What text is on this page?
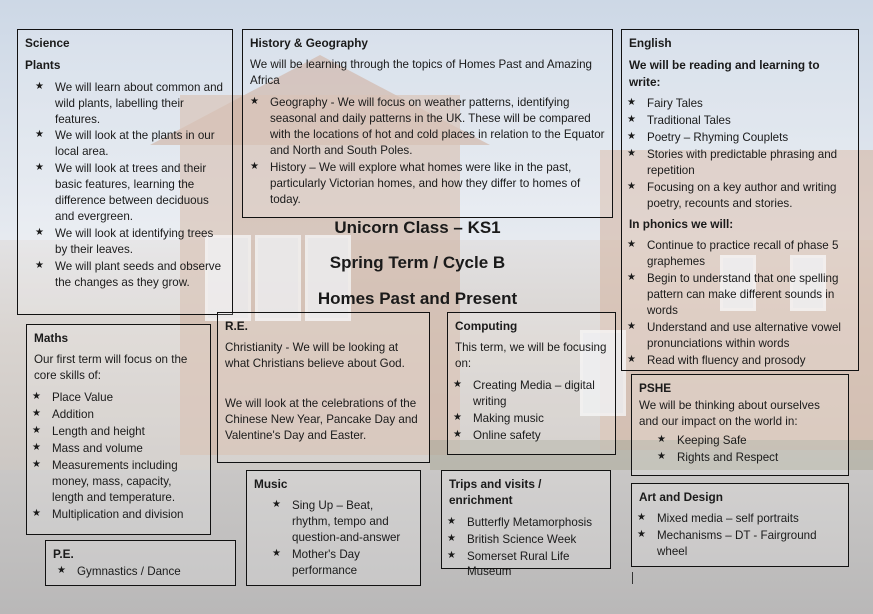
Science
Plants
★ We will learn about common and wild plants, labelling their features.
★ We will look at the plants in our local area.
★ We will look at trees and their basic features, learning the difference between deciduous and evergreen.
★ We will look at identifying trees by their leaves.
★ We will plant seeds and observe the changes as they grow.
History & Geography

We will be learning through the topics of Homes Past and Amazing Africa

★ Geography - We will focus on weather patterns, identifying seasonal and daily patterns in the UK. These will be compared with the locations of hot and cold places in relation to the Equator and North and South Poles.
★ History – We will explore what homes were like in the past, particularly Victorian homes, and how they differ to homes of today.
English
We will be reading and learning to write:
★ Fairy Tales
★ Traditional Tales
★ Poetry – Rhyming Couplets
★ Stories with predictable phrasing and repetition
★ Focusing on a key author and writing poetry, recounts and stories.
In phonics we will:
★ Continue to practice recall of phase 5 graphemes
★ Begin to understand that one spelling pattern can make different sounds in words
★ Understand and use alternative vowel pronunciations within words
★ Read with fluency and prosody
Unicorn Class – KS1
Spring Term / Cycle B
Homes Past and Present
Maths

Our first term will focus on the core skills of:

★ Place Value
★ Addition
★ Length and height
★ Mass and volume
★ Measurements including money, mass, capacity, length and temperature.
★ Multiplication and division
R.E.

Christianity - We will be looking at what Christians believe about God.

We will look at the celebrations of the Chinese New Year, Pancake Day and Valentine's Day and Easter.

Computing

This term, we will be focusing on:

★ Creating Media – digital writing
★ Making music
★ Online safety
PSHE

We will be thinking about ourselves and our impact on the world in:

★ Keeping Safe
★ Rights and Respect
Music
★ Sing Up – Beat, rhythm, tempo and question-and-answer
★ Mother's Day performance
Trips and visits / enrichment
★ Butterfly Metamorphosis
★ British Science Week
★ Somerset Rural Life Museum
Art and Design
★ Mixed media – self portraits
★ Mechanisms – DT - Fairground wheel
P.E.
★ Gymnastics / Dance
